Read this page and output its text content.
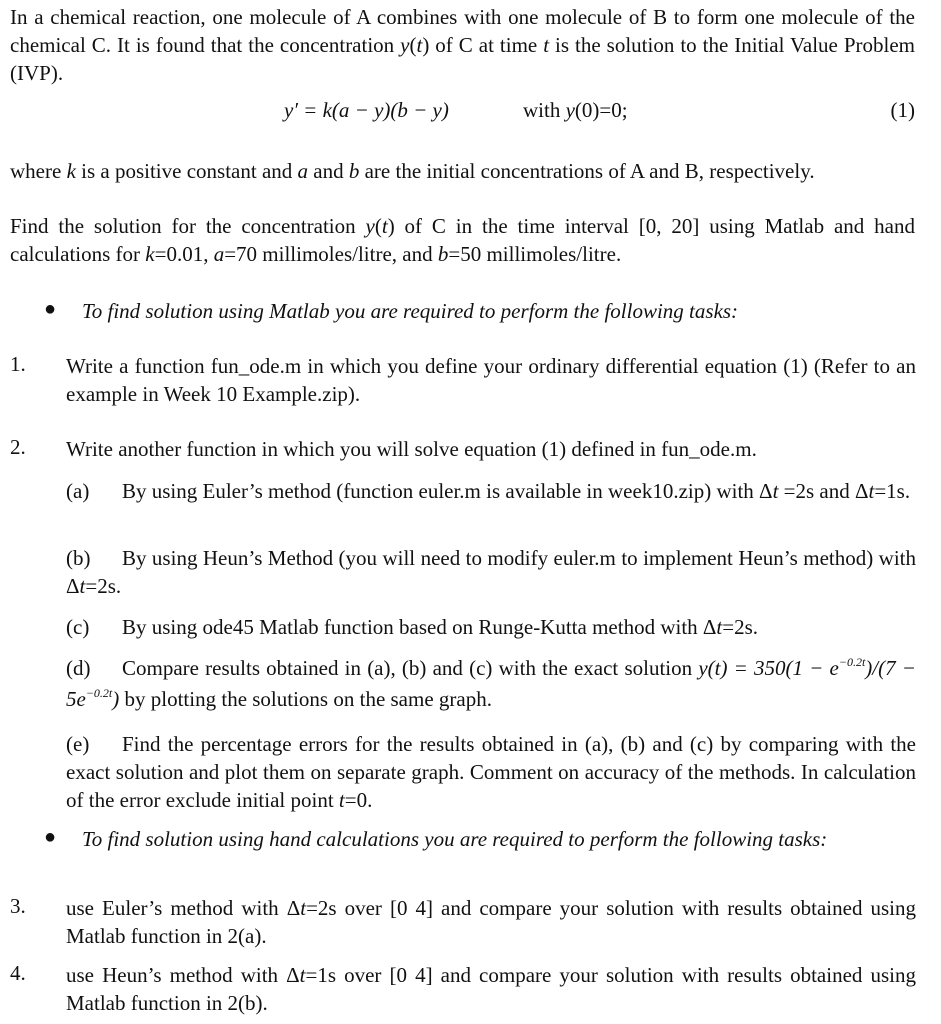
In a chemical reaction, one molecule of A combines with one molecule of B to form one molecule of the chemical C. It is found that the concentration y(t) of C at time t is the solution to the Initial Value Problem (IVP).
y′ = k(a − y)(b − y)	with y(0)=0;	(1)
where k is a positive constant and a and b are the initial concentrations of A and B, respectively.
Find the solution for the concentration y(t) of C in the time interval [0, 20] using Matlab and hand calculations for k=0.01, a=70 millimoles/litre, and b=50 millimoles/litre.
● To find solution using Matlab you are required to perform the following tasks:
1. Write a function fun_ode.m in which you define your ordinary differential equation (1) (Refer to an example in Week 10 Example.zip).
2. Write another function in which you will solve equation (1) defined in fun_ode.m.
(a) By using Euler’s method (function euler.m is available in week10.zip) with Δt =2s and Δt=1s.
(b) By using Heun’s Method (you will need to modify euler.m to implement Heun’s method) with Δt=2s.
(c) By using ode45 Matlab function based on Runge-Kutta method with Δt=2s.
(d) Compare results obtained in (a), (b) and (c) with the exact solution $y(t) = 350(1 - e^{-0.2t})/(7 - 5e^{-0.2t})$ by plotting the solutions on the same graph.
(e) Find the percentage errors for the results obtained in (a), (b) and (c) by comparing with the exact solution and plot them on separate graph. Comment on accuracy of the methods. In calculation of the error exclude initial point t=0.
● To find solution using hand calculations you are required to perform the following tasks:
3. use Euler’s method with Δt=2s over [0 4] and compare your solution with results obtained using Matlab function in 2(a).
4. use Heun’s method with Δt=1s over [0 4] and compare your solution with results obtained using Matlab function in 2(b).
